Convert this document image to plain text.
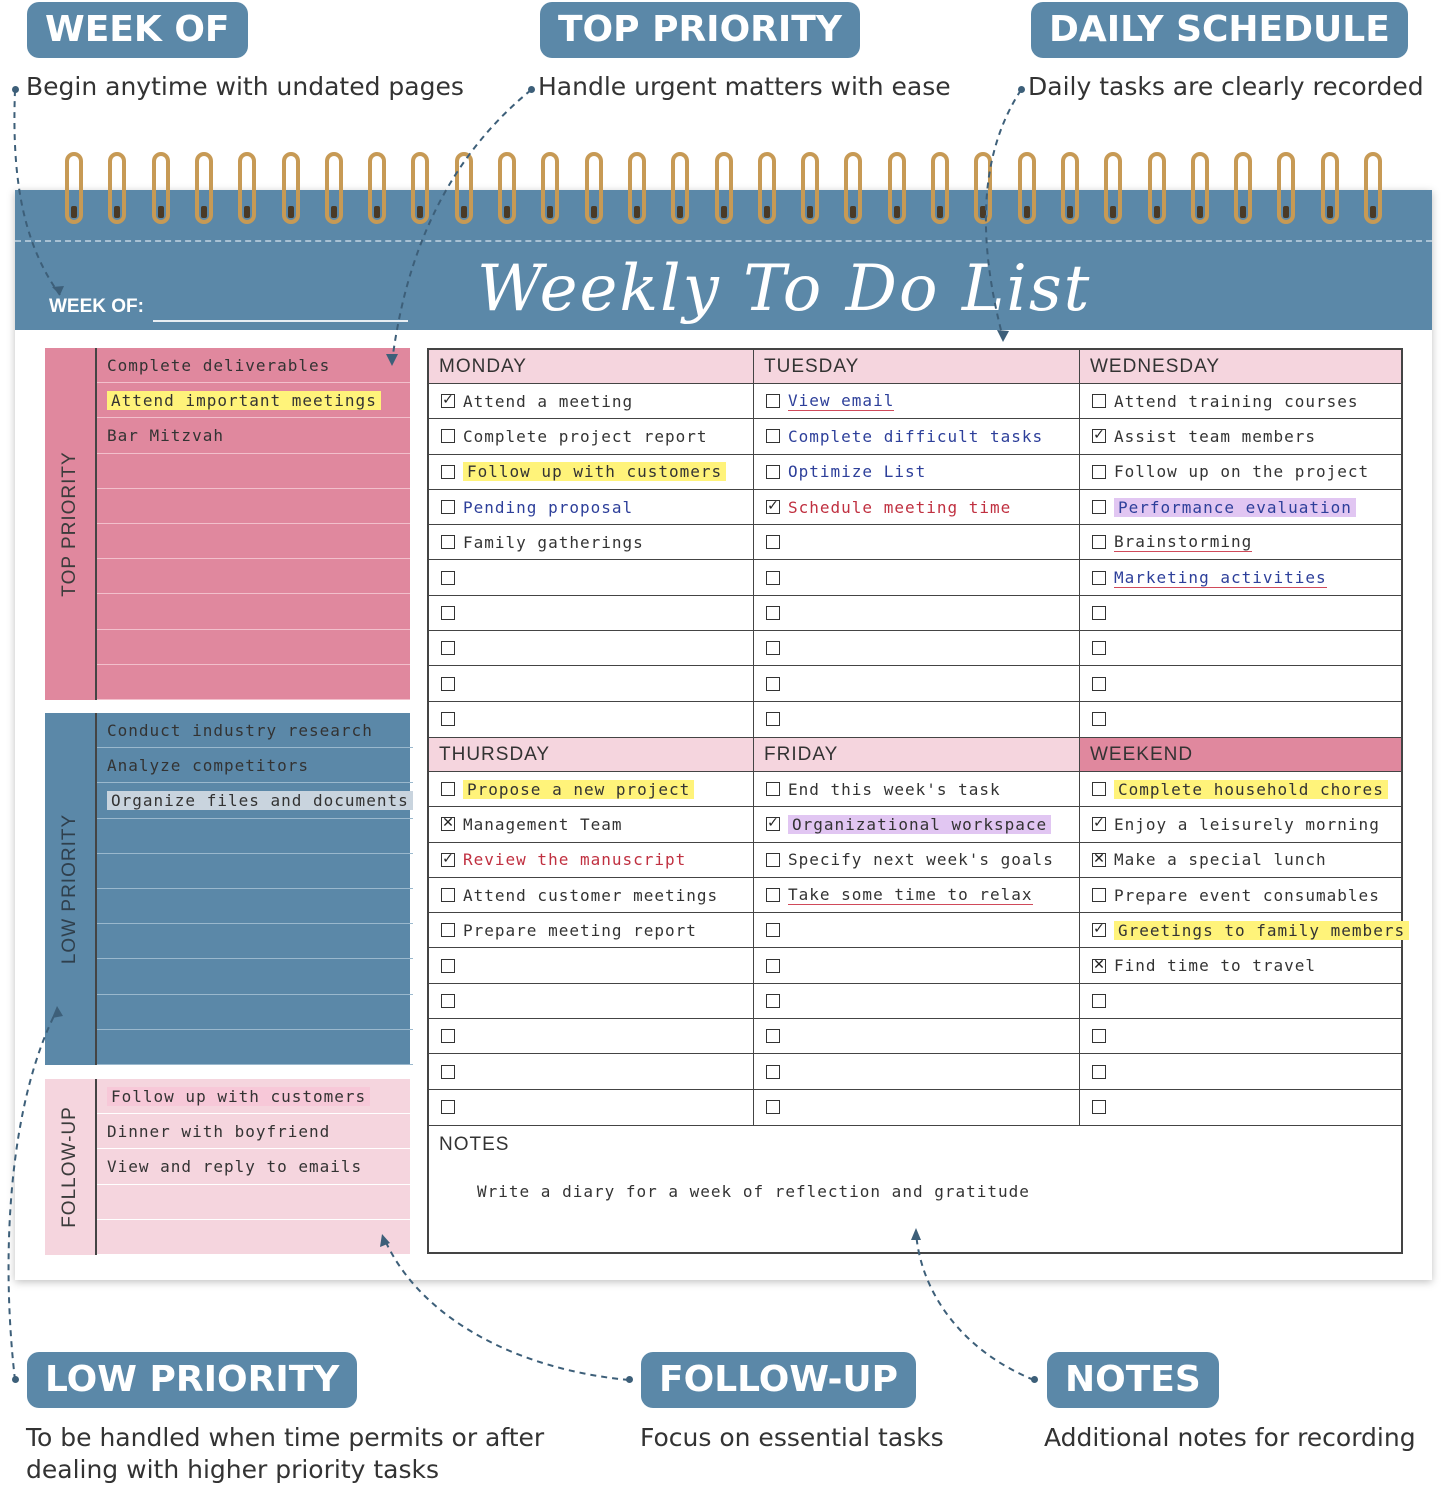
WEEK OF
Begin anytime with undated pages
TOP PRIORITY
Handle urgent matters with ease
DAILY SCHEDULE
Daily tasks are clearly recorded
LOW PRIORITY
To be handled when time permits or after dealing with higher priority tasks
FOLLOW-UP
Focus on essential tasks
NOTES
Additional notes for recording
WEEK OF:	Weekly To Do List
TOP PRIORITY
Complete deliverables
Attend important meetings
Bar Mitzvah
LOW PRIORITY
Conduct industry research
Analyze competitors
Organize files and documents
FOLLOW-UP
Follow up with customers
Dinner with boyfriend
View and reply to emails
NOTES
Write a diary for a week of reflection and gratitude
MONDAY
✓ Attend a meeting
Complete project report
Follow up with customers
Pending proposal
Family gatherings
TUESDAY
View email
Complete difficult tasks
Optimize List
✓ Schedule meeting time
WEDNESDAY
Attend training courses
✓ Assist team members
Follow up on the project
Performance evaluation
Brainstorming
Marketing activities
THURSDAY
Propose a new project
✕ Management Team
✓ Review the manuscript
Attend customer meetings
Prepare meeting report
FRIDAY
End this week's task
✓ Organizational workspace
Specify next week's goals
Take some time to relax
WEEKEND
Complete household chores
✓ Enjoy a leisurely morning
✕ Make a special lunch
Prepare event consumables
✓ Greetings to family members
✕ Find time to travel
